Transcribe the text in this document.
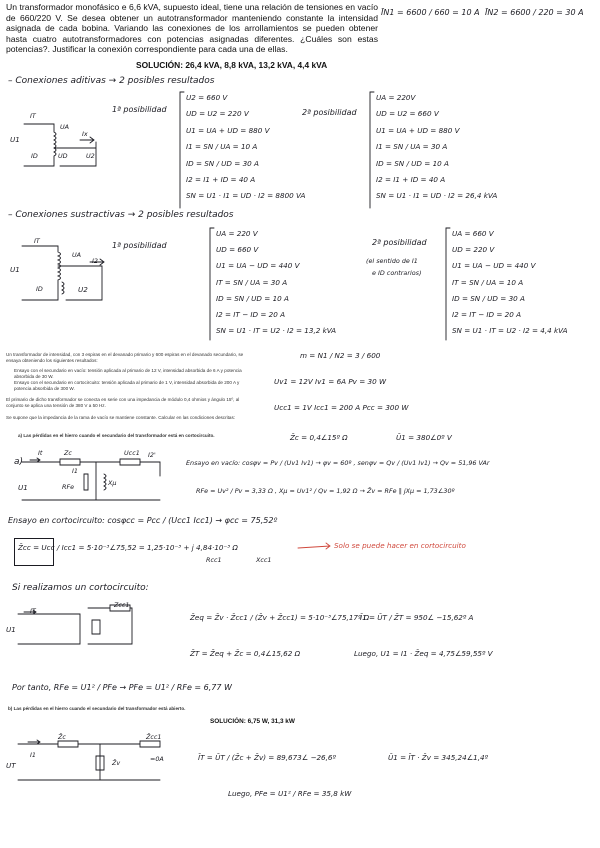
Un transformador monofásico e 6,6 kVA, supuesto ideal, tiene una relación de tensiones en vacío de 660/220 V. Se desea obtener un autotransformador manteniendo constante la intensidad asignada de cada bobina. Variando las conexiones de los arrollamientos se pueden obtener hasta cuatro autotransformadores con potencias asignadas diferentes. ¿Cuáles son estas potencias?. Justificar la conexión correspondiente para cada una de ellas.
SOLUCIÓN: 26,4 kVA, 8,8 kVA, 13,2 kVA, 4,4 kVA
ĪN1 = 6600 / 660 = 10 A ĪN2 = 6600 / 220 = 30 A
– Conexiones aditivas → 2 posibles resultados
1ª posibilidad	2ª posibilidad
U2 = 660 V
UD = U2 = 220 V
U1 = UA + UD = 880 V
I1 = SN / UA = 10 A
ID = SN / UD = 30 A
I2 = I1 + ID = 40 A
SN = U1 · I1 = UD · I2 = 8800 VA
UA = 220V
UD = U2 = 660 V
U1 = UA + UD = 880 V
I1 = SN / UA = 30 A
ID = SN / UD = 10 A
I2 = I1 + ID = 40 A
SN = U1 · I1 = UD · I2 = 26,4 kVA
IT
UA
Ix
U1
ID	UD	U2
– Conexiones sustractivas → 2 posibles resultados
1ª posibilidad	2ª posibilidad
(el sentido de I1
e ID contrarios)
UA = 220 V
UD = 660 V
U1 = UA − UD = 440 V
IT = SN / UA = 30 A
ID = SN / UD = 10 A
I2 = IT − ID = 20 A
SN = U1 · IT = U2 · I2 = 13,2 kVA
UA = 660 V
UD = 220 V
U1 = UA − UD = 440 V
IT = SN / UA = 10 A
ID = SN / UD = 30 A
I2 = IT − ID = 20 A
SN = U1 · IT = U2 · I2 = 4,4 kVA
IT
UA
I2
U1
ID	U2
Un transformador de intensidad, con 3 espiras en el devanado primario y 600 espiras en el devanado secundario, se ensaya obteniendo los siguientes resultados:
Ensayo con el secundario en vacío: tensión aplicada al primario de 12 V, intensidad absorbida de 6 A y potencia absorbida de 30 W.
Ensayo con el secundario en cortocircuito: tensión aplicada al primario de 1 V, intensidad absorbida de 200 A y potencia absorbida de 300 W.
El primario de dicho transformador se conecta en serie con una impedancia de módulo 0,4 ohmios y ángulo 15º, al conjunto se aplica una tensión de 380 V a 50 Hz.
Se supone que la impedancia de la rama de vacío se mantiene constante. Calcular en las condiciones descritas:
a) Las pérdidas en el hierro cuando el secundario del transformador está en cortocircuito.
m = N1 / N2 = 3 / 600
Uv1 = 12V Iv1 = 6A Pv = 30 W
Ucc1 = 1V Icc1 = 200 A Pcc = 300 W
Z̄c = 0,4∠15º Ω	Ū1 = 380∠0º V
a)	Ensayo en vacío: cosφv = Pv / (Uv1 Iv1) → φv = 60º , senφv = Qv / (Uv1 Iv1) → Qv = 51,96 VAr
RFe = Uv² / Pv = 3,33 Ω , Xμ = Uv1² / Qv = 1,92 Ω → Z̄v = RFe ∥ jXμ = 1,73∠30º
It	Zc	Ucc1 I2'
I1
U1	RFe	Xμ
Ensayo en cortocircuito: cosφcc = Pcc / (Ucc1 Icc1) → φcc = 75,52º
Z̄cc = Ucc / Icc1 = 5·10⁻³∠75,52 = 1,25·10⁻³ + j 4,84·10⁻³ Ω
Rcc1	Xcc1
Solo se puede hacer en cortocircuito
Si realizamos un cortocircuito:
IT
Zcc1
U1
Z̄eq = Z̄v · Z̄cc1 / (Z̄v + Z̄cc1) = 5·10⁻³∠75,17º Ω
Ī1 = ŪT / Z̄T = 950∠ −15,62º A
Z̄T = Z̄eq + Z̄c = 0,4∠15,62 Ω	Luego, U1 = I1 · Z̄eq = 4,75∠59,55º V
Por tanto, RFe = U1² / PFe → PFe = U1² / RFe = 6,77 W
b) Las pérdidas en el hierro cuando el secundario del transformador está abierto.
SOLUCIÓN: 6,75 W, 31,3 kW
Z̄c	Z̄cc1
I1
Z̄v	=0A
UT
ĪT = ŪT / (Z̄c + Z̄v) = 89,673∠ −26,6º	Ū1 = ĪT · Z̄v = 345,24∠1,4º
Luego, PFe = U1² / RFe = 35,8 kW
